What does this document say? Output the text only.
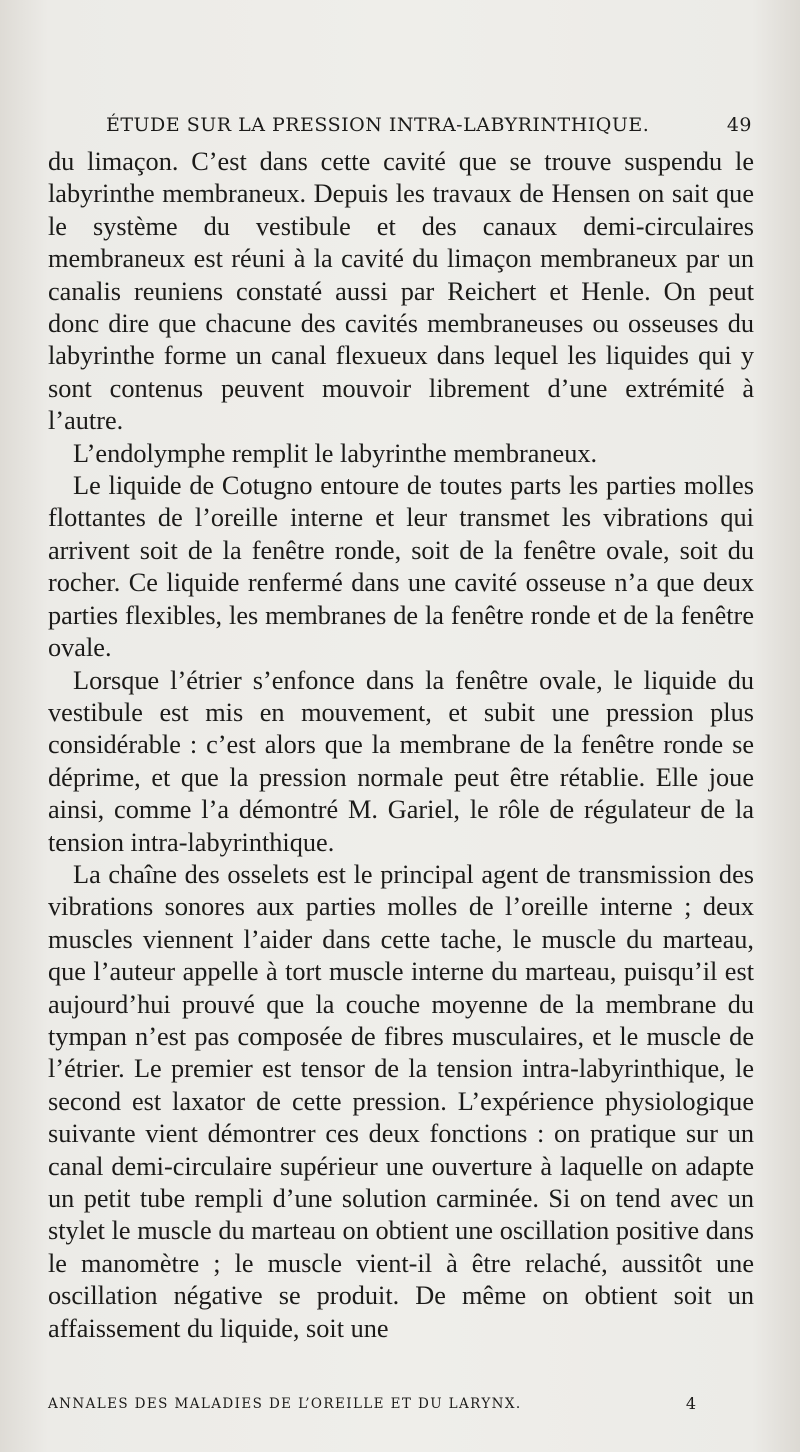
ÉTUDE SUR LA PRESSION INTRA-LABYRINTHIQUE.	49

du limaçon. C’est dans cette cavité que se trouve suspendu le labyrinthe membraneux. Depuis les travaux de Hensen on sait que le système du vestibule et des canaux demi-circulaires membraneux est réuni à la cavité du limaçon membraneux par un canalis reuniens constaté aussi par Reichert et Henle. On peut donc dire que chacune des cavités membraneuses ou osseuses du labyrinthe forme un canal flexueux dans lequel les liquides qui y sont contenus peuvent mouvoir librement d’une extrémité à l’autre.

L’endolymphe remplit le labyrinthe membraneux.

Le liquide de Cotugno entoure de toutes parts les parties molles flottantes de l’oreille interne et leur transmet les vibrations qui arrivent soit de la fenêtre ronde, soit de la fenêtre ovale, soit du rocher. Ce liquide renfermé dans une cavité osseuse n’a que deux parties flexibles, les membranes de la fenêtre ronde et de la fenêtre ovale.

Lorsque l’étrier s’enfonce dans la fenêtre ovale, le liquide du vestibule est mis en mouvement, et subit une pression plus considérable : c’est alors que la membrane de la fenêtre ronde se déprime, et que la pression normale peut être rétablie. Elle joue ainsi, comme l’a démontré M. Gariel, le rôle de régulateur de la tension intra-labyrinthique.

La chaîne des osselets est le principal agent de transmission des vibrations sonores aux parties molles de l’oreille interne ; deux muscles viennent l’aider dans cette tache, le muscle du marteau, que l’auteur appelle à tort muscle interne du marteau, puisqu’il est aujourd’hui prouvé que la couche moyenne de la membrane du tympan n’est pas composée de fibres musculaires, et le muscle de l’étrier. Le premier est tensor de la tension intra-labyrinthique, le second est laxator de cette pression. L’expérience physiologique suivante vient démontrer ces deux fonctions : on pratique sur un canal demi-circulaire supérieur une ouverture à laquelle on adapte un petit tube rempli d’une solution carminée. Si on tend avec un stylet le muscle du marteau on obtient une oscillation positive dans le manomètre ; le muscle vient-il à être relaché, aussitôt une oscillation négative se produit. De même on obtient soit un affaissement du liquide, soit une

ANNALES DES MALADIES DE L’OREILLE ET DU LARYNX.	4
